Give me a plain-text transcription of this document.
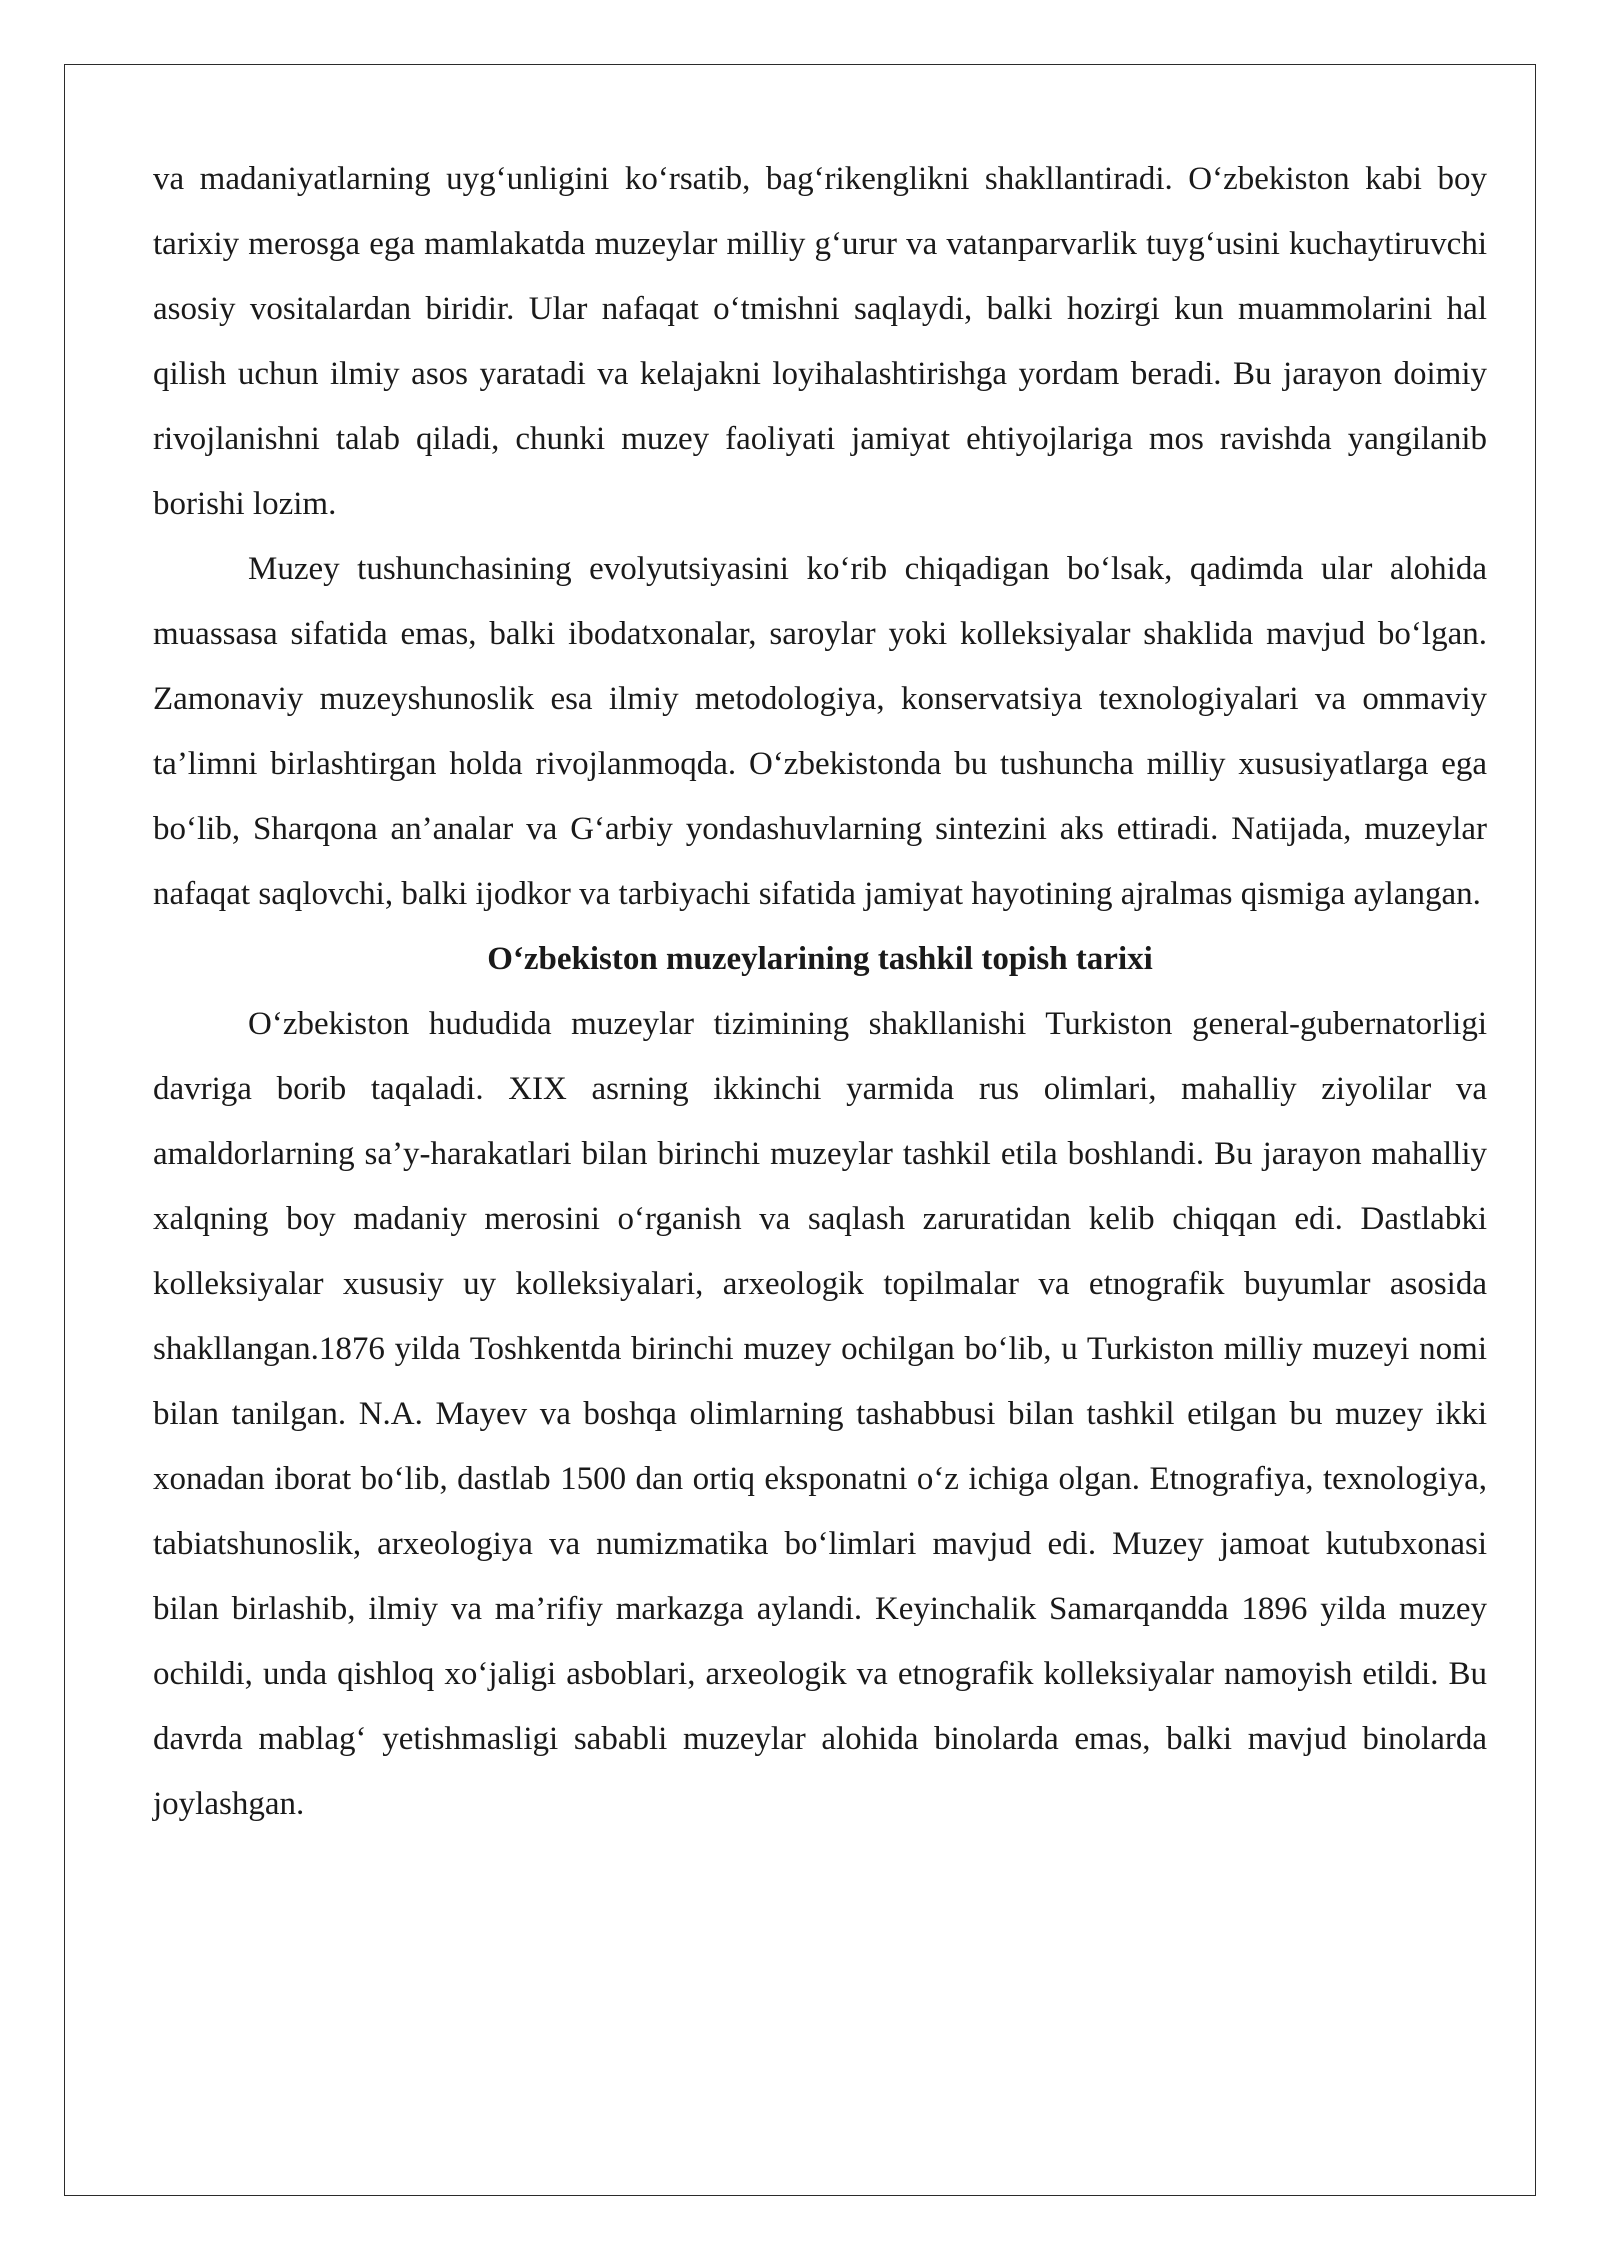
va madaniyatlarning uyg‘unligini ko‘rsatib, bag‘rikenglikni shakllantiradi. O‘zbekiston kabi boy tarixiy merosga ega mamlakatda muzeylar milliy g‘urur va vatanparvarlik tuyg‘usini kuchaytiruvchi asosiy vositalardan biridir. Ular nafaqat o‘tmishni saqlaydi, balki hozirgi kun muammolarini hal qilish uchun ilmiy asos yaratadi va kelajakni loyihalashtirishga yordam beradi. Bu jarayon doimiy rivojlanishni talab qiladi, chunki muzey faoliyati jamiyat ehtiyojlariga mos ravishda yangilanib borishi lozim.

Muzey tushunchasining evolyutsiyasini ko‘rib chiqadigan bo‘lsak, qadimda ular alohida muassasa sifatida emas, balki ibodatxonalar, saroylar yoki kolleksiyalar shaklida mavjud bo‘lgan. Zamonaviy muzeyshunoslik esa ilmiy metodologiya, konservatsiya texnologiyalari va ommaviy ta’limni birlashtirgan holda rivojlanmoqda. O‘zbekistonda bu tushuncha milliy xususiyatlarga ega bo‘lib, Sharqona an’analar va G‘arbiy yondashuvlarning sintezini aks ettiradi. Natijada, muzeylar nafaqat saqlovchi, balki ijodkor va tarbiyachi sifatida jamiyat hayotining ajralmas qismiga aylangan.

O‘zbekiston muzeylarining tashkil topish tarixi

O‘zbekiston hududida muzeylar tizimining shakllanishi Turkiston general-gubernatorligi davriga borib taqaladi. XIX asrning ikkinchi yarmida rus olimlari, mahalliy ziyolilar va amaldorlarning sa’y-harakatlari bilan birinchi muzeylar tashkil etila boshlandi. Bu jarayon mahalliy xalqning boy madaniy merosini o‘rganish va saqlash zaruratidan kelib chiqqan edi. Dastlabki kolleksiyalar xususiy uy kolleksiyalari, arxeologik topilmalar va etnografik buyumlar asosida shakllangan.1876 yilda Toshkentda birinchi muzey ochilgan bo‘lib, u Turkiston milliy muzeyi nomi bilan tanilgan. N.A. Mayev va boshqa olimlarning tashabbusi bilan tashkil etilgan bu muzey ikki xonadan iborat bo‘lib, dastlab 1500 dan ortiq eksponatni o‘z ichiga olgan. Etnografiya, texnologiya, tabiatshunoslik, arxeologiya va numizmatika bo‘limlari mavjud edi. Muzey jamoat kutubxonasi bilan birlashib, ilmiy va ma’rifiy markazga aylandi. Keyinchalik Samarqandda 1896 yilda muzey ochildi, unda qishloq xo‘jaligi asboblari, arxeologik va etnografik kolleksiyalar namoyish etildi. Bu davrda mablag‘ yetishmasligi sababli muzeylar alohida binolarda emas, balki mavjud binolarda joylashgan.
